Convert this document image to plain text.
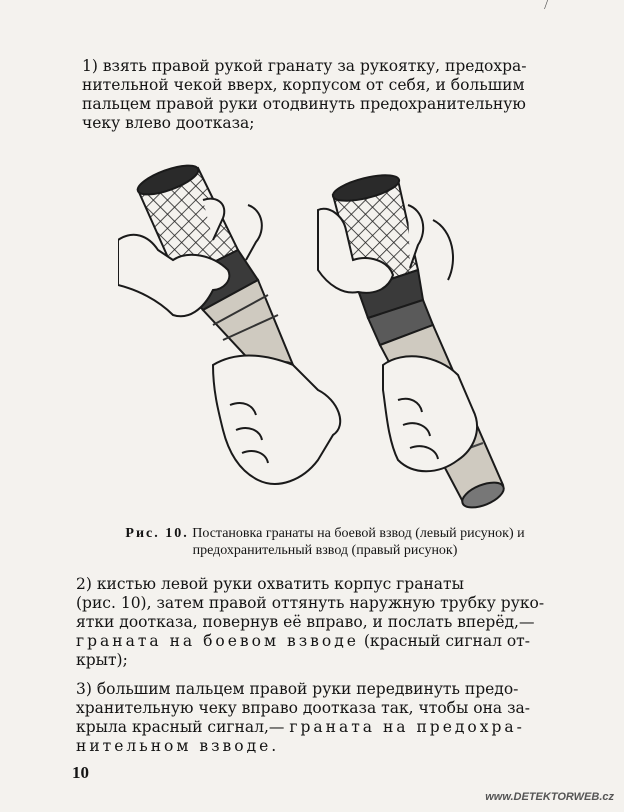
/
1) взять правой рукой гранату за рукоятку, предохра-
нительной чекой вверх, корпусом от себя, и большим
пальцем правой руки отодвинуть предохранительную
чеку влево доотказа;
Рис. 10. Постановка гранаты на боевой взвод (левый рисунок) и
предохранительный взвод (правый рисунок)
2) кистью левой руки охватить корпус гранаты
(рис. 10), затем правой оттянуть наружную трубку руко-
ятки доотказа, повернув её вправо, и послать вперёд,—
граната на боевом взводе (красный сигнал от-
крыт);
3) большим пальцем правой руки передвинуть предо-
хранительную чеку вправо доотказа так, чтобы она за-
крыла красный сигнал,— граната на предохра-
нительном взводе.
10
www.DETEKTORWEB.cz
